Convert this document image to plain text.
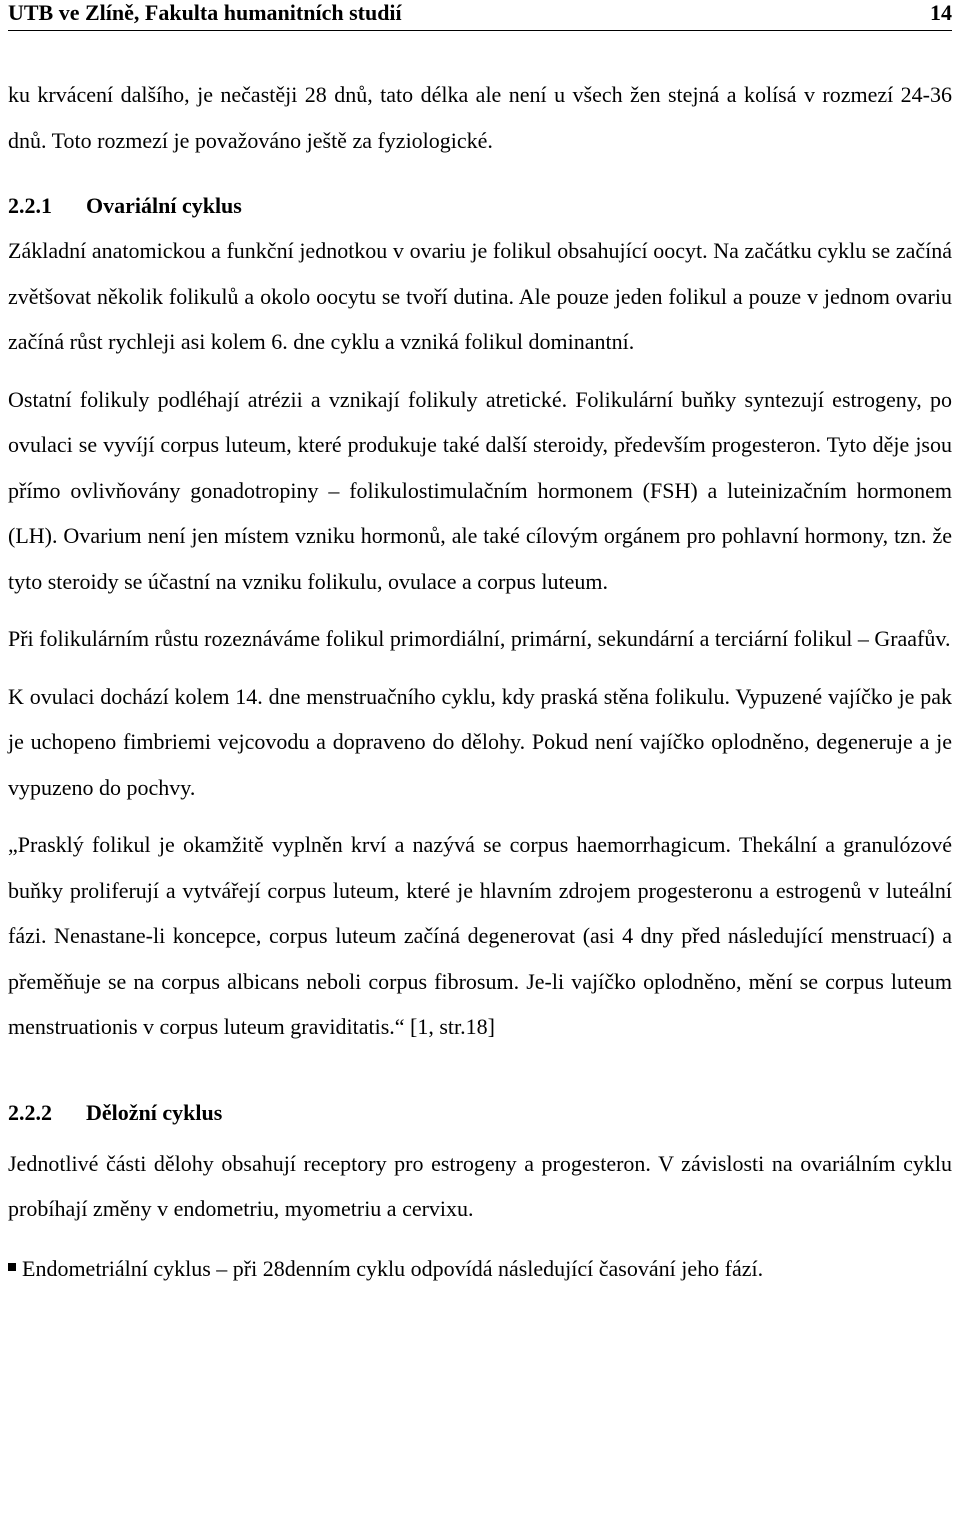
UTB ve Zlíně, Fakulta humanitních studií	14

ku krvácení dalšího, je nečastěji 28 dnů, tato délka ale není u všech žen stejná a kolísá v rozmezí 24-36 dnů. Toto rozmezí je považováno ještě za fyziologické.

2.2.1 Ovariální cyklus

Základní anatomickou a funkční jednotkou v ovariu je folikul obsahující oocyt. Na začátku cyklu se začíná zvětšovat několik folikulů a okolo oocytu se tvoří dutina. Ale pouze jeden folikul a pouze v jednom ovariu začíná růst rychleji asi kolem 6. dne cyklu a vzniká folikul dominantní.

Ostatní folikuly podléhají atrézii a vznikají folikuly atretické. Folikulární buňky syntezují estrogeny, po ovulaci se vyvíjí corpus luteum, které produkuje také další steroidy, především progesteron. Tyto děje jsou přímo ovlivňovány gonadotropiny – folikulostimulačním hormonem (FSH) a luteinizačním hormonem (LH). Ovarium není jen místem vzniku hormonů, ale také cílovým orgánem pro pohlavní hormony, tzn. že tyto steroidy se účastní na vzniku folikulu, ovulace a corpus luteum.

Při folikulárním růstu rozeznáváme folikul primordiální, primární, sekundární a terciární folikul – Graafův.

K ovulaci dochází kolem 14. dne menstruačního cyklu, kdy praská stěna folikulu. Vypuzené vajíčko je pak je uchopeno fimbriemi vejcovodu a dopraveno do dělohy. Pokud není vajíčko oplodněno, degeneruje a je vypuzeno do pochvy.

„Prasklý folikul je okamžitě vyplněn krví a nazývá se corpus haemorrhagicum. Thekální a granulózové buňky proliferují a vytvářejí corpus luteum, které je hlavním zdrojem progesteronu a estrogenů v luteální fázi. Nenastane-li koncepce, corpus luteum začíná degenerovat (asi 4 dny před následující menstruací) a přeměňuje se na corpus albicans neboli corpus fibrosum. Je-li vajíčko oplodněno, mění se corpus luteum menstruationis v corpus luteum graviditatis.“ [1, str.18]

2.2.2 Děložní cyklus

Jednotlivé části dělohy obsahují receptory pro estrogeny a progesteron. V závislosti na ovariálním cyklu probíhají změny v endometriu, myometriu a cervixu.

Endometriální cyklus – při 28denním cyklu odpovídá následující časování jeho fází.
